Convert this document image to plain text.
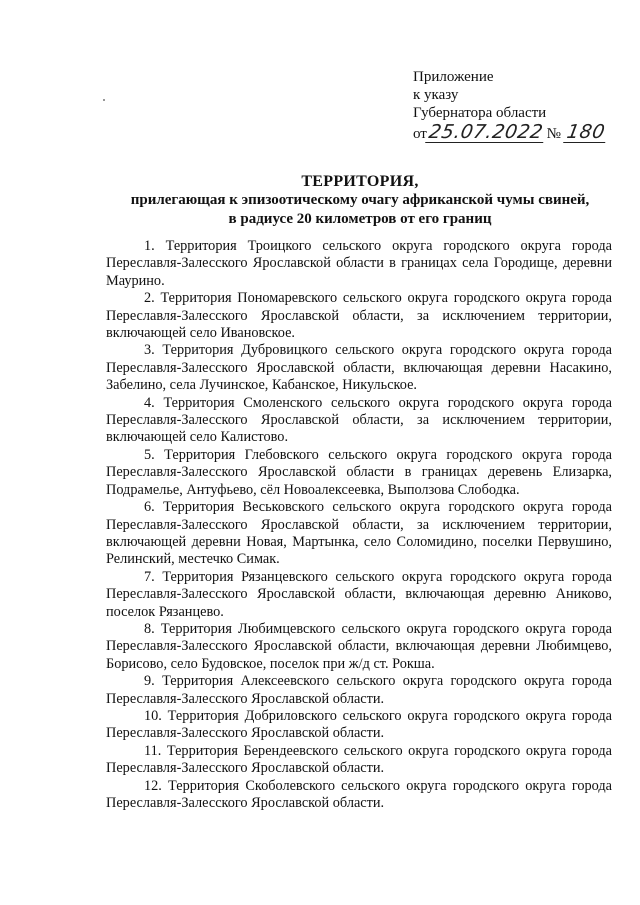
Приложение
к указу
Губернатора области
от 25.07.2022 № 180
ТЕРРИТОРИЯ,
прилегающая к эпизоотическому очагу африканской чумы свиней,
в радиусе 20 километров от его границ

1. Территория Троицкого сельского округа городского округа города Переславля-Залесского Ярославской области в границах села Городище, деревни Маурино.

2. Территория Пономаревского сельского округа городского округа города Переславля-Залесского Ярославской области, за исключением территории, включающей село Ивановское.

3. Территория Дубровицкого сельского округа городского округа города Переславля-Залесского Ярославской области, включающая деревни Насакино, Забелино, села Лучинское, Кабанское, Никульское.

4. Территория Смоленского сельского округа городского округа города Переславля-Залесского Ярославской области, за исключением территории, включающей село Калистово.

5. Территория Глебовского сельского округа городского округа города Переславля-Залесского Ярославской области в границах деревень Елизарка, Подрамелье, Антуфьево, сёл Новоалексеевка, Выползова Слободка.

6. Территория Веськовского сельского округа городского округа города Переславля-Залесского Ярославской области, за исключением территории, включающей деревни Новая, Мартынка, село Соломидино, поселки Первушино, Релинский, местечко Симак.

7. Территория Рязанцевского сельского округа городского округа города Переславля-Залесского Ярославской области, включающая деревню Аниково, поселок Рязанцево.

8. Территория Любимцевского сельского округа городского округа города Переславля-Залесского Ярославской области, включающая деревни Любимцево, Борисово, село Будовское, поселок при ж/д ст. Рокша.

9. Территория Алексеевского сельского округа городского округа города Переславля-Залесского Ярославской области.

10. Территория Добриловского сельского округа городского округа города Переславля-Залесского Ярославской области.

11. Территория Берендеевского сельского округа городского округа города Переславля-Залесского Ярославской области.

12. Территория Скоболевского сельского округа городского округа города Переславля-Залесского Ярославской области.
